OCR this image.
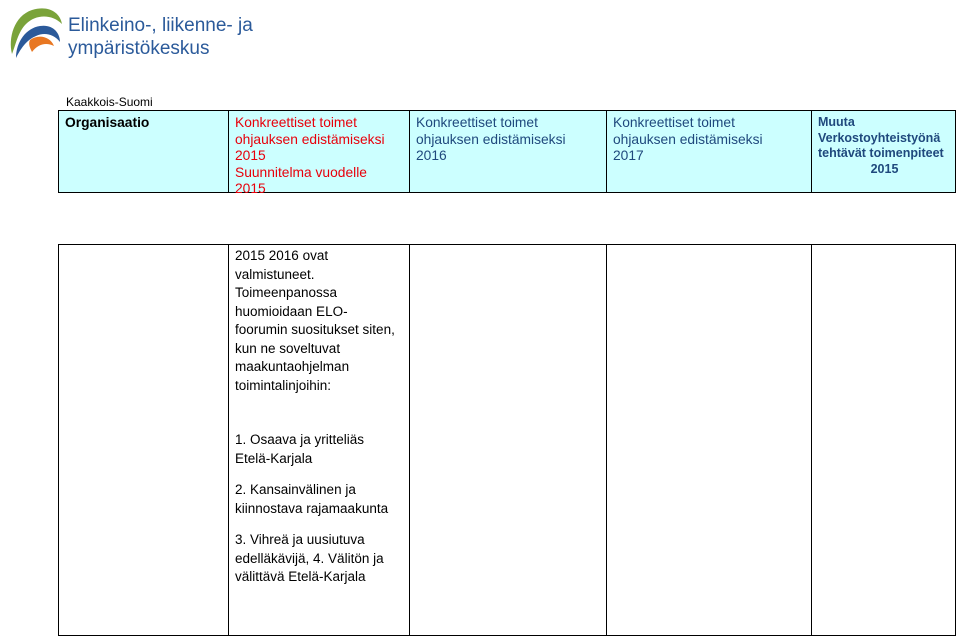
Elinkeino-, liikenne- ja
ympäristökeskus
Kaakkois-Suomi
Organisaatio	Konkreettiset toimet
ohjauksen edistämiseksi
2015
Suunnitelma vuodelle
2015
Konkreettiset toimet
ohjauksen edistämiseksi
2016
Konkreettiset toimet
ohjauksen edistämiseksi
2017
Muuta
Verkostoyhteistyönä
tehtävät toimenpiteet
2015

2015 2016 ovat

valmistuneet.

Toimeenpanossa

huomioidaan ELO-

foorumin suositukset siten,

kun ne soveltuvat

maakuntaohjelman

toimintalinjoihin:

1. Osaava ja yritteliäs

Etelä-Karjala

2. Kansainvälinen ja

kiinnostava rajamaakunta

3. Vihreä ja uusiutuva

edelläkävijä, 4. Välitön ja

välittävä Etelä-Karjala
